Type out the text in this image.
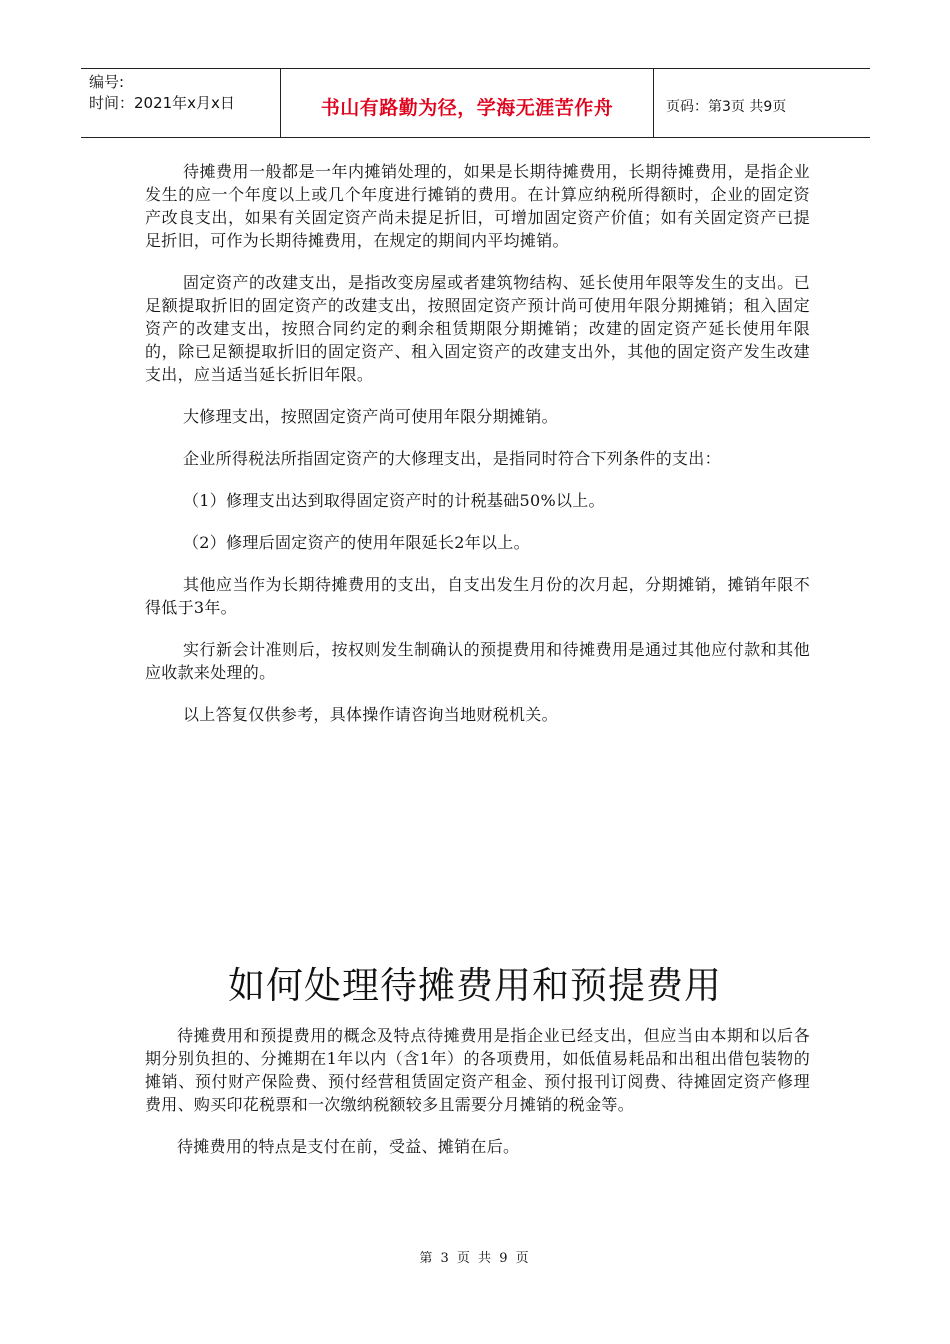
编号:
时间：2021年x月x日	书山有路勤为径，学海无涯苦作舟	页码：第3页 共9页

待摊费用一般都是一年内摊销处理的，如果是长期待摊费用，长期待摊费用，是指企业发生的应一个年度以上或几个年度进行摊销的费用。在计算应纳税所得额时，企业的固定资产改良支出，如果有关固定资产尚未提足折旧，可增加固定资产价值；如有关固定资产已提足折旧，可作为长期待摊费用，在规定的期间内平均摊销。

固定资产的改建支出，是指改变房屋或者建筑物结构、延长使用年限等发生的支出。已足额提取折旧的固定资产的改建支出，按照固定资产预计尚可使用年限分期摊销；租入固定资产的改建支出，按照合同约定的剩余租赁期限分期摊销；改建的固定资产延长使用年限的，除已足额提取折旧的固定资产、租入固定资产的改建支出外，其他的固定资产发生改建支出，应当适当延长折旧年限。

大修理支出，按照固定资产尚可使用年限分期摊销。

企业所得税法所指固定资产的大修理支出，是指同时符合下列条件的支出：

（1）修理支出达到取得固定资产时的计税基础50%以上。

（2）修理后固定资产的使用年限延长2年以上。

其他应当作为长期待摊费用的支出，自支出发生月份的次月起，分期摊销，摊销年限不得低于3年。

实行新会计准则后，按权则发生制确认的预提费用和待摊费用是通过其他应付款和其他应收款来处理的。

以上答复仅供参考，具体操作请咨询当地财税机关。

如何处理待摊费用和预提费用

待摊费用和预提费用的概念及特点待摊费用是指企业已经支出，但应当由本期和以后各期分别负担的、分摊期在1年以内（含1年）的各项费用，如低值易耗品和出租出借包装物的摊销、预付财产保险费、预付经营租赁固定资产租金、预付报刊订阅费、待摊固定资产修理费用、购买印花税票和一次缴纳税额较多且需要分月摊销的税金等。

待摊费用的特点是支付在前，受益、摊销在后。

第 3 页 共 9 页
